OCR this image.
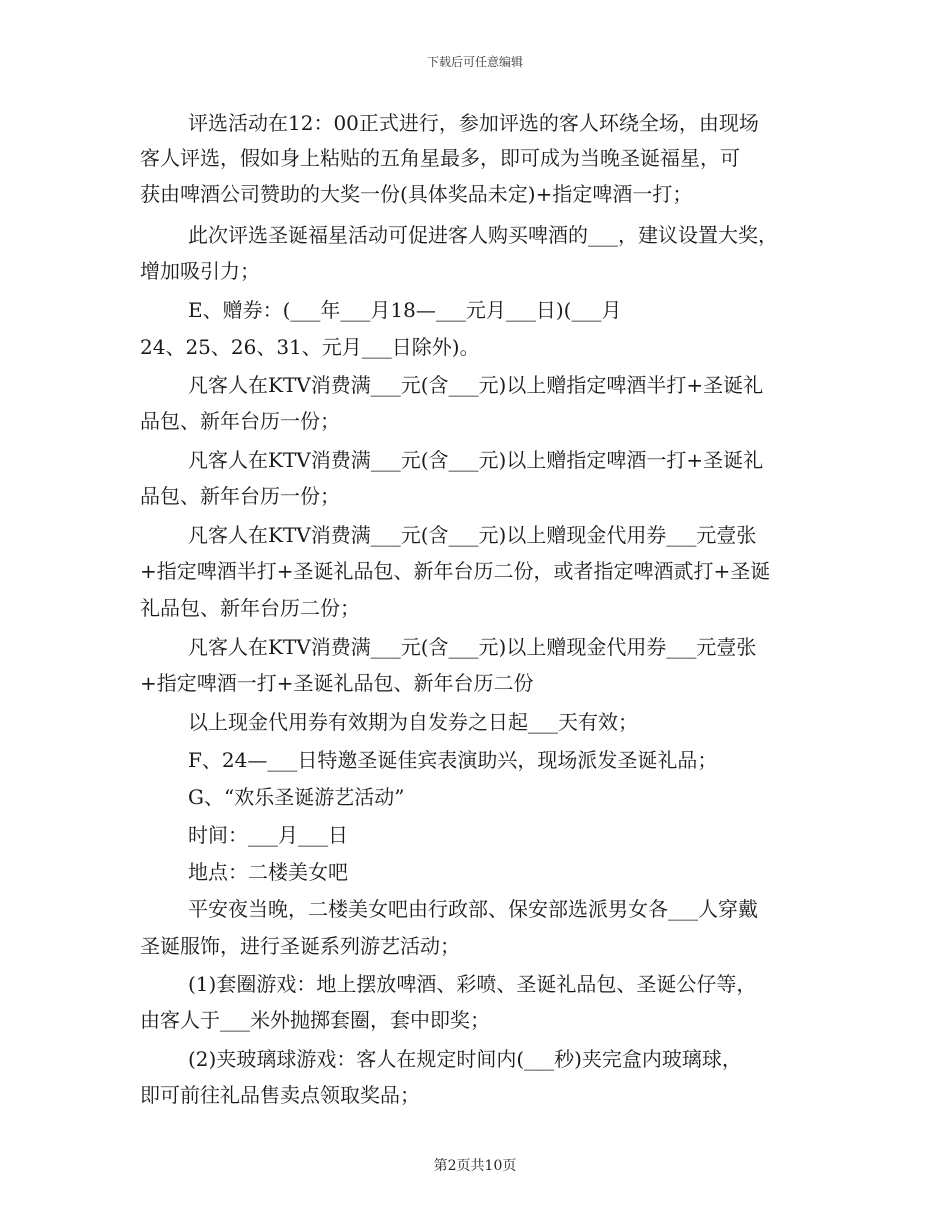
下载后可任意编辑
评选活动在12：00正式进行，参加评选的客人环绕全场，由现场
客人评选，假如身上粘贴的五角星最多，即可成为当晚圣诞福星，可
获由啤酒公司赞助的大奖一份(具体奖品未定)+指定啤酒一打；
此次评选圣诞福星活动可促进客人购买啤酒的___，建议设置大奖，
增加吸引力；
E、赠券：(___年___月18—___元月___日)(___月
24、25、26、31、元月___日除外)。
凡客人在KTV消费满___元(含___元)以上赠指定啤酒半打+圣诞礼
品包、新年台历一份；
凡客人在KTV消费满___元(含___元)以上赠指定啤酒一打+圣诞礼
品包、新年台历一份；
凡客人在KTV消费满___元(含___元)以上赠现金代用券___元壹张
+指定啤酒半打+圣诞礼品包、新年台历二份，或者指定啤酒贰打+圣诞
礼品包、新年台历二份；
凡客人在KTV消费满___元(含___元)以上赠现金代用券___元壹张
+指定啤酒一打+圣诞礼品包、新年台历二份
以上现金代用券有效期为自发券之日起___天有效；
F、24—___日特邀圣诞佳宾表演助兴，现场派发圣诞礼品；
G、“欢乐圣诞游艺活动”
时间：___月___日
地点：二楼美女吧
平安夜当晚，二楼美女吧由行政部、保安部选派男女各___人穿戴
圣诞服饰，进行圣诞系列游艺活动；
(1)套圈游戏：地上摆放啤酒、彩喷、圣诞礼品包、圣诞公仔等，
由客人于___米外抛掷套圈，套中即奖；
(2)夹玻璃球游戏：客人在规定时间内(___秒)夹完盒内玻璃球，
即可前往礼品售卖点领取奖品；
第2页共10页
